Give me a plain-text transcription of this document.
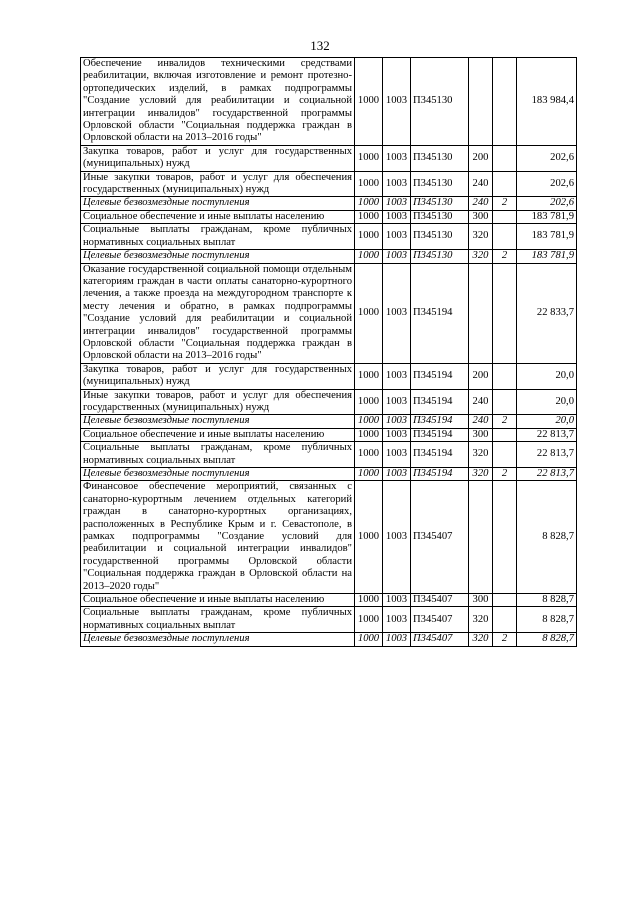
132
Обеспечение инвалидов техническими средствами реабилитации, включая изготовление и ремонт протезно-ортопедических изделий, в рамках подпрограммы "Создание условий для реабилитации и социальной интеграции инвалидов" государственной программы Орловской области "Социальная поддержка граждан в Орловской области на 2013–2016 годы"	1000	1003	П345130			183 984,4
Закупка товаров, работ и услуг для государственных (муниципальных) нужд	1000	1003	П345130	200		202,6
Иные закупки товаров, работ и услуг для обеспечения государственных (муниципальных) нужд	1000	1003	П345130	240		202,6
Целевые безвозмездные поступления	1000	1003	П345130	240	2	202,6
Социальное обеспечение и иные выплаты населению	1000	1003	П345130	300		183 781,9
Социальные выплаты гражданам, кроме публичных нормативных социальных выплат	1000	1003	П345130	320		183 781,9
Целевые безвозмездные поступления	1000	1003	П345130	320	2	183 781,9
Оказание государственной социальной помощи отдельным категориям граждан в части оплаты санаторно-курортного лечения, а также проезда на междугородном транспорте к месту лечения и обратно, в рамках подпрограммы "Создание условий для реабилитации и социальной интеграции инвалидов" государственной программы Орловской области "Социальная поддержка граждан в Орловской области на 2013–2016 годы"	1000	1003	П345194			22 833,7
Закупка товаров, работ и услуг для государственных (муниципальных) нужд	1000	1003	П345194	200		20,0
Иные закупки товаров, работ и услуг для обеспечения государственных (муниципальных) нужд	1000	1003	П345194	240		20,0
Целевые безвозмездные поступления	1000	1003	П345194	240	2	20,0
Социальное обеспечение и иные выплаты населению	1000	1003	П345194	300		22 813,7
Социальные выплаты гражданам, кроме публичных нормативных социальных выплат	1000	1003	П345194	320		22 813,7
Целевые безвозмездные поступления	1000	1003	П345194	320	2	22 813,7
Финансовое обеспечение мероприятий, связанных с санаторно-курортным лечением отдельных категорий граждан в санаторно-курортных организациях, расположенных в Республике Крым и г. Севастополе, в рамках подпрограммы "Создание условий для реабилитации и социальной интеграции инвалидов" государственной программы Орловской области "Социальная поддержка граждан в Орловской области на 2013–2020 годы"	1000	1003	П345407			8 828,7
Социальное обеспечение и иные выплаты населению	1000	1003	П345407	300		8 828,7
Социальные выплаты гражданам, кроме публичных нормативных социальных выплат	1000	1003	П345407	320		8 828,7
Целевые безвозмездные поступления	1000	1003	П345407	320	2	8 828,7
